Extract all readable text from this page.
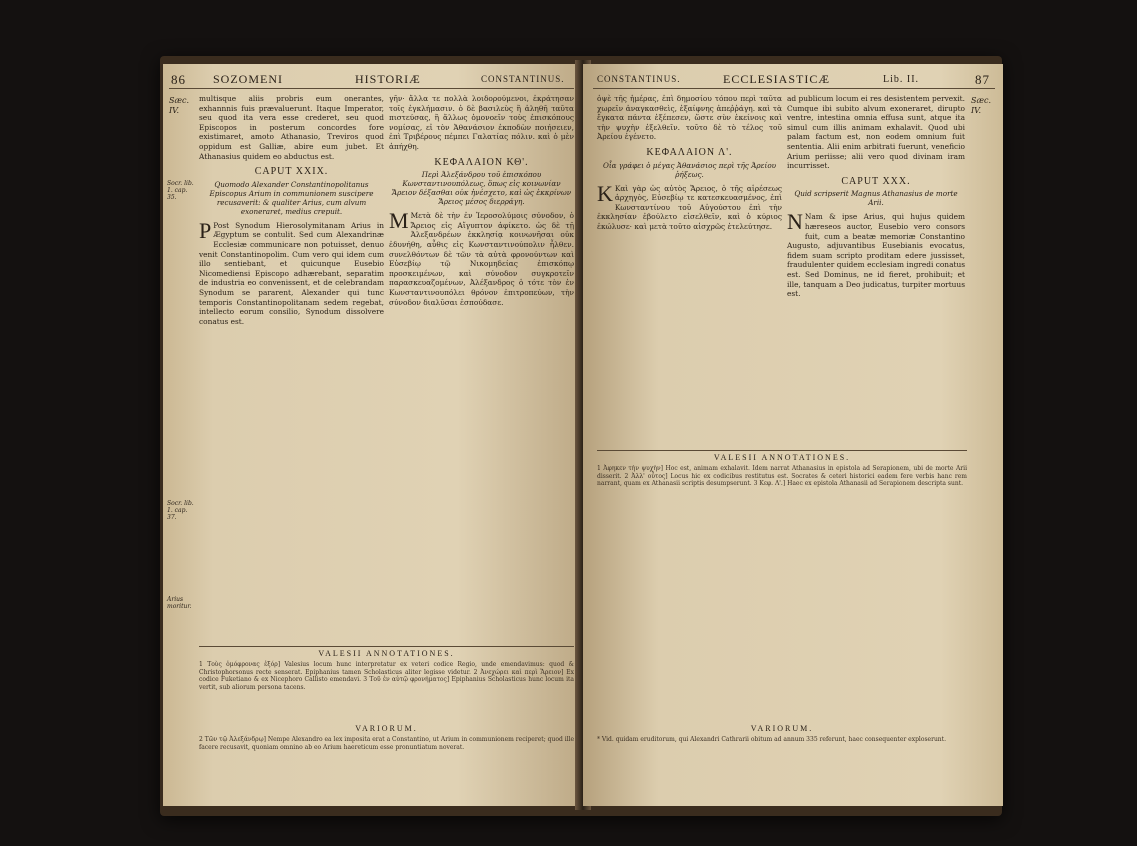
86 SOZOMENI	HISTORIÆ	CONSTANTINUS.
Sæc.
IV.
Socr. lib. 1. cap. 35.
Socr. lib. 1. cap. 37.
Arius moritur.
multisque aliis probris eum onerantes, exhannnis fuis prævaluerunt. Itaque Imperator, seu quod ita vera esse crederet, seu quod Episcopos in posterum concordes fore existimaret, amoto Athanasio, Treviros quod oppidum est Galliæ, abire eum jubet. Et Athanasius quidem eo abductus est.
CAPUT XXIX.
Quomodo Alexander Constantinopolitanus Episcopus Arium in communionem suscipere recusaverit: & qualiter Arius, cum alvum exoneraret, medius crepuit.
P Post Synodum Hierosolymitanam Arius in Ægyptum se contulit. Sed cum Alexandrinæ Ecclesiæ communicare non potuisset, denuo venit Constantinopolim. Cum vero qui idem cum illo sentiebant, et quicunque Eusebio Nicomediensi Episcopo adhærebant, separatim de industria eo convenissent, et de celebrandam Synodum se pararent, Alexander qui tunc temporis Constantinopolitanam sedem regebat, intellecto eorum consilio, Synodum dissolvere conatus est.
γῆν· ἄλλα τε πολλὰ λοιδορούμενοι, ἐκράτησαν τοῖς ἐγκλήμασιν. ὁ δὲ βασιλεὺς ἢ ἀληθῆ ταῦτα πιστεύσας, ἢ ἄλλως ὁμονοεῖν τοὺς ἐπισκόπους νομίσας, εἰ τὸν Ἀθανάσιον ἐκποδὼν ποιήσειεν, ἐπὶ Τριβέρους πέμπει Γαλατίας πόλιν. καὶ ὁ μὲν ἀπήχθη.
ΚΕΦΑΛΑΙΟΝ ΚΘ'.
Περὶ Ἀλεξάνδρου τοῦ ἐπισκόπου Κωνσταντινουπόλεως, ὅπως εἰς κοινωνίαν Ἄρειον δέξασθαι οὐκ ἠνέσχετο, καὶ ὡς ἐκκρίνων Ἄρειος μέσος διερράγη.
M Μετὰ δὲ τὴν ἐν Ἱεροσολύμοις σύνοδον, ὁ Ἄρειος εἰς Αἴγυπτον ἀφίκετο. ὡς δὲ τῇ Ἀλεξανδρέων ἐκκλησίᾳ κοινωνῆσαι οὐκ ἐδυνήθη, αὖθις εἰς Κωνσταντινούπολιν ἦλθεν. συνελθόντων δὲ τῶν τὰ αὐτὰ φρονούντων καὶ Εὐσεβίῳ τῷ Νικομηδείας ἐπισκόπῳ προσκειμένων, καὶ σύνοδον συγκροτεῖν παρασκευαζομένων, Ἀλέξανδρος ὁ τότε τὸν ἐν Κωνσταντινουπόλει θρόνον ἐπιτροπεύων, τὴν σύνοδον διαλῦσαι ἐσπούδασε.
VALESII ANNOTATIONES.
1 Τοὺς ὁμόφρονας ἐξόρ] Valesius locum hunc interpretatur ex veteri codice Regio, unde emendavimus: quod & Christophorsonus recte senserat. Epiphanius tamen Scholasticus aliter legisse videtur. 2 Ἀνεχώρει καὶ περὶ Ἄρειον] Ex codice Fuketiano & ex Nicephoro Callisto emendavi. 3 Τοῦ ἐν αὐτῷ φρονήματος] Epiphanius Scholasticus hunc locum ita vertit, sub aliorum persona tacens.
VARIORUM.
2 Τῶν τῷ Ἀλεξάνδρῳ] Nempe Alexandro ea lex imposita erat a Constantino, ut Arium in communionem reciperet; quod ille facere recusavit, quoniam omnino ab eo Arium haereticum esse pronuntiatum noverat.
CONSTANTINUS.	ECCLESIASTICÆ	Lib. II.	87
Sæc.
IV.
ὀψὲ τῆς ἡμέρας, ἐπὶ δημοσίου τόπου περὶ ταῦτα χωρεῖν ἀναγκασθεὶς, ἐξαίφνης ἀπεῤῥάγη. καὶ τὰ ἔγκατα πάντα ἐξέπεσεν, ὥστε σὺν ἐκείνοις καὶ τὴν ψυχὴν ἐξελθεῖν. τοῦτο δὲ τὸ τέλος τοῦ Ἀρείου ἐγένετο.
ΚΕΦΑΛΑΙΟΝ Λ'.
Οἷα γράφει ὁ μέγας Ἀθανάσιος περὶ τῆς Ἀρείου ῥήξεως.
K Καὶ γὰρ ὡς αὐτὸς Ἄρειος, ὁ τῆς αἱρέσεως ἀρχηγὸς, Εὐσεβίῳ τε κατεσκευασμένος, ἐπὶ Κωνσταντίνου τοῦ Αὐγούστου ἐπὶ τὴν ἐκκλησίαν ἐβούλετο εἰσελθεῖν, καὶ ὁ κύριος ἐκώλυσε· καὶ μετὰ τοῦτο αἰσχρῶς ἐτελεύτησε.
ad publicum locum ei res desistentem pervexit. Cumque ibi subito alvum exoneraret, dirupto ventre, intestina omnia effusa sunt, atque ita simul cum illis animam exhalavit. Quod ubi palam factum est, non eodem omnium fuit sententia. Alii enim arbitrati fuerunt, veneficio Arium periisse; alii vero quod divinam iram incurrisset.
CAPUT XXX.
Quid scripserit Magnus Athanasius de morte Arii.
N Nam & ipse Arius, qui hujus quidem hæreseos auctor, Eusebio vero consors fuit, cum a beatæ memoriæ Constantino Augusto, adjuvantibus Eusebianis evocatus, fidem suam scripto proditam edere jussisset, fraudulenter quidem ecclesiam ingredi conatus est. Sed Dominus, ne id fieret, prohibuit; et ille, tanquam a Deo judicatus, turpiter mortuus est.
VALESII ANNOTATIONES.
1 Ἀφηκεν τὴν ψυχὴν] Hoc est, animam exhalavit. Idem narrat Athanasius in epistola ad Serapionem, ubi de morte Arii disserit. 2 Ἀλλ' οὗτος] Locus hic ex codicibus restitutus est. Socrates & ceteri historici eadem fere verbis hanc rem narrant, quam ex Athanasii scriptis desumpserunt. 3 Κεφ. Λ'.] Haec ex epistola Athanasii ad Serapionem descripta sunt.
VARIORUM.
* Vid. quidam eruditorum, qui Alexandri Cathrarii obitum ad annum 335 referunt, haec consequenter exploserunt.
